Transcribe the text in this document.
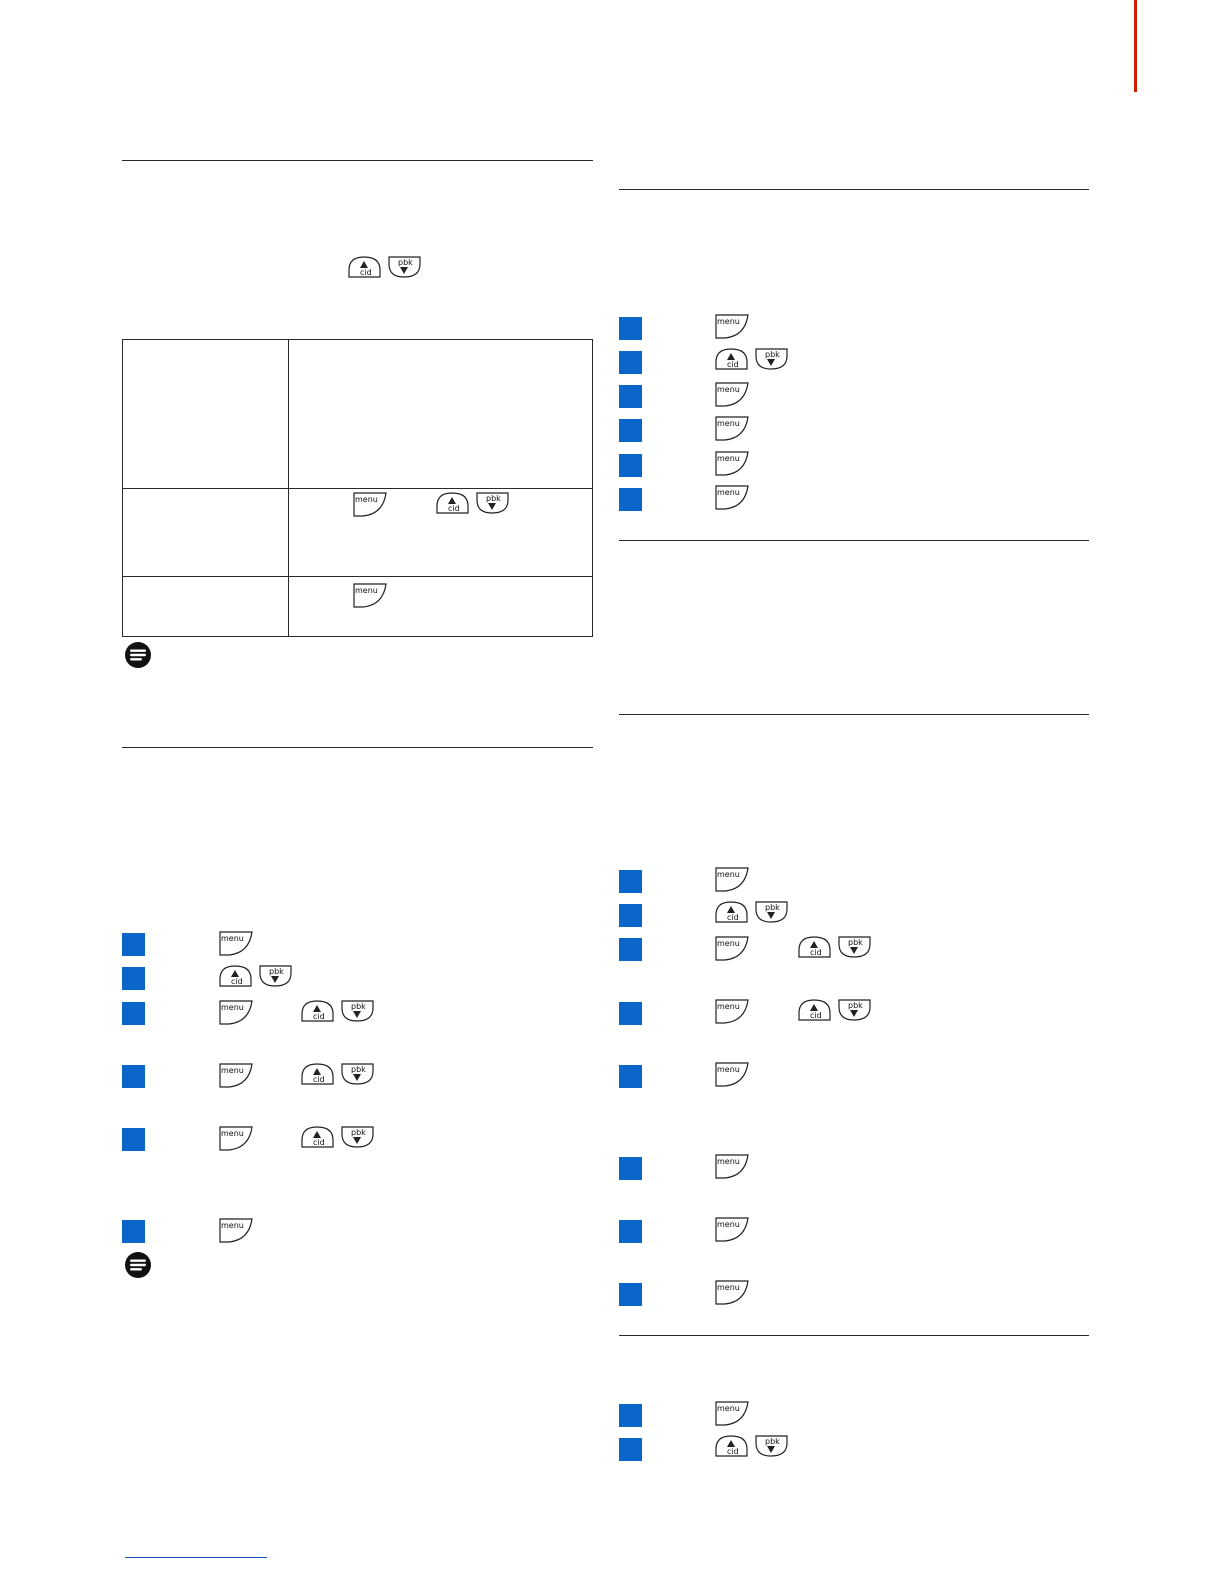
cid
pbk
menu
cid
pbk
menu
menu
cid
pbk
menu
cid
pbk
menu
cid
pbk
menu
cid
pbk
menu
menu
cid
pbk
menu
menu
menu
menu
menu
cid
pbk
menu
cid
pbk
menu
cid
pbk
menu
menu
menu
menu
menu
cid
pbk
